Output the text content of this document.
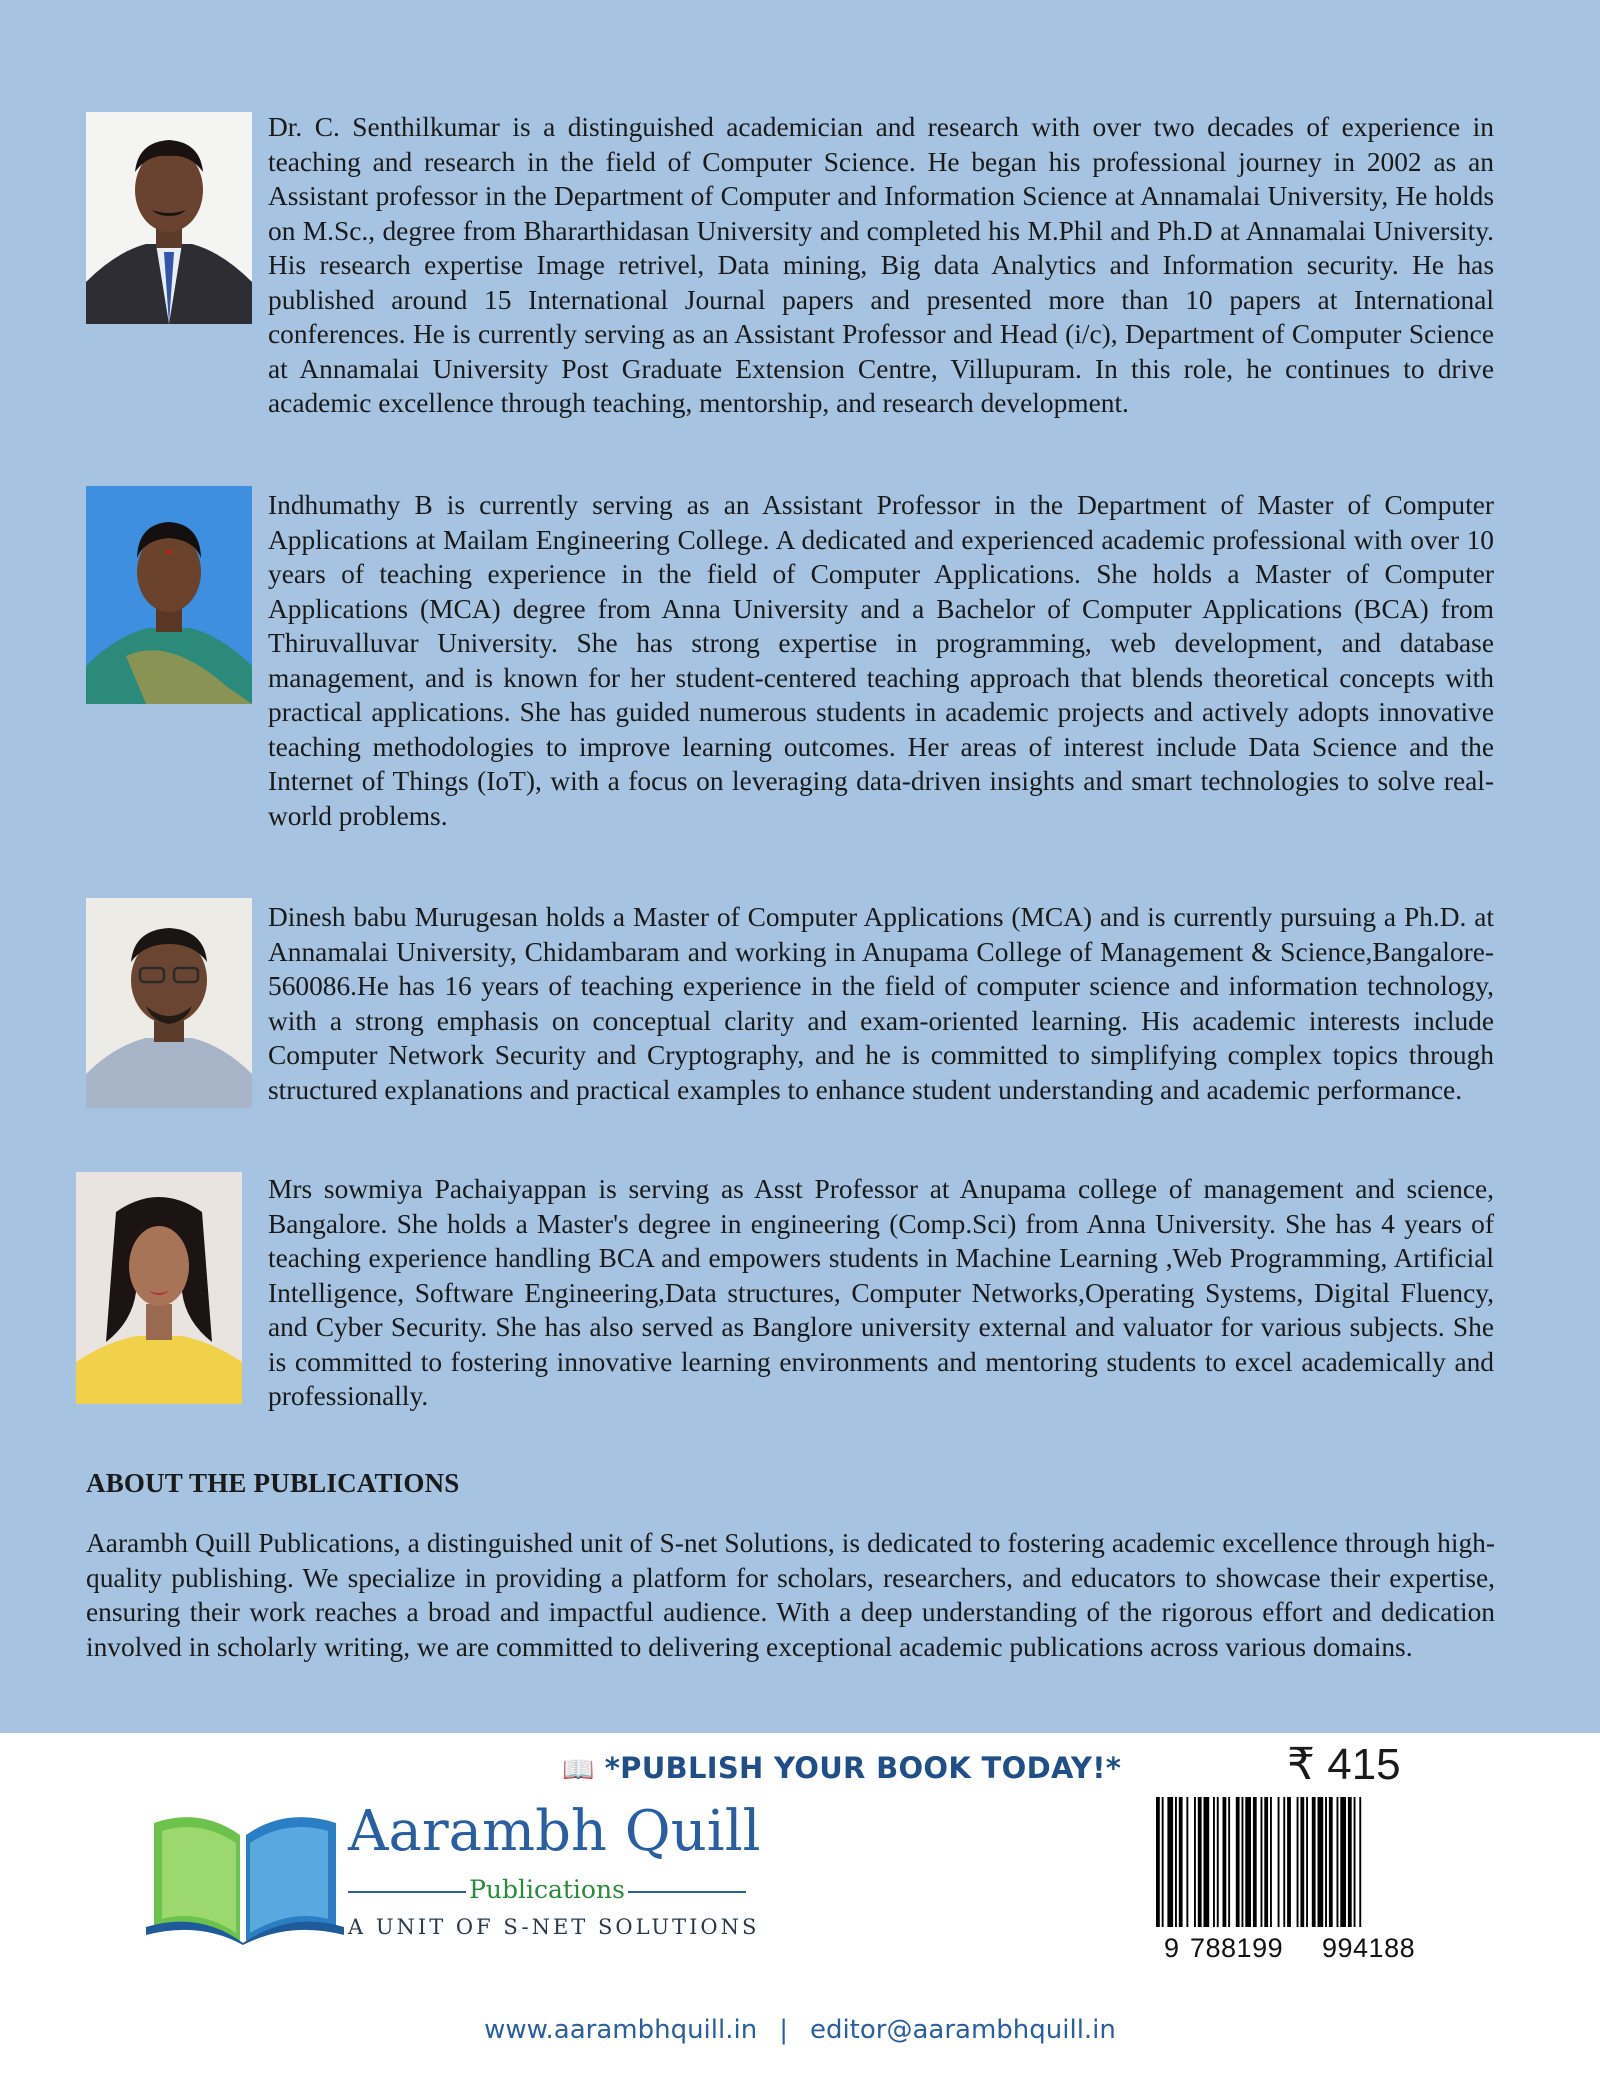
Dr. C. Senthilkumar is a distinguished academician and research with over two decades of experience in teaching and research in the field of Computer Science. He began his professional journey in 2002 as an Assistant professor in the Department of Computer and Information Science at Annamalai University, He holds on M.Sc., degree from Bhararthidasan University and completed his M.Phil and Ph.D at Annamalai University. His research expertise Image retrivel, Data mining, Big data Analytics and Information security. He has published around 15 International Journal papers and presented more than 10 papers at International conferences. He is currently serving as an Assistant Professor and Head (i/c), Department of Computer Science at Annamalai University Post Graduate Extension Centre, Villupuram. In this role, he continues to drive academic excellence through teaching, mentorship, and research development.

Indhumathy B is currently serving as an Assistant Professor in the Department of Master of Computer Applications at Mailam Engineering College. A dedicated and experienced academic professional with over 10 years of teaching experience in the field of Computer Applications. She holds a Master of Computer Applications (MCA) degree from Anna University and a Bachelor of Computer Applications (BCA) from Thiruvalluvar University. She has strong expertise in programming, web development, and database management, and is known for her student-centered teaching approach that blends theoretical concepts with practical applications. She has guided numerous students in academic projects and actively adopts innovative teaching methodologies to improve learning outcomes. Her areas of interest include Data Science and the Internet of Things (IoT), with a focus on leveraging data-driven insights and smart technologies to solve real-world problems.

Dinesh babu Murugesan holds a Master of Computer Applications (MCA) and is currently pursuing a Ph.D. at Annamalai University, Chidambaram and working in Anupama College of Management & Science,Bangalore-560086.He has 16 years of teaching experience in the field of computer science and information technology, with a strong emphasis on conceptual clarity and exam-oriented learning. His academic interests include Computer Network Security and Cryptography, and he is committed to simplifying complex topics through structured explanations and practical examples to enhance student understanding and academic performance.

Mrs sowmiya Pachaiyappan is serving as Asst Professor at Anupama college of management and science, Bangalore. She holds a Master's degree in engineering (Comp.Sci) from Anna University. She has 4 years of teaching experience handling BCA and empowers students in Machine Learning ,Web Programming, Artificial Intelligence, Software Engineering,Data structures, Computer Networks,Operating Systems, Digital Fluency, and Cyber Security. She has also served as Banglore university external and valuator for various subjects. She is committed to fostering innovative learning environments and mentoring students to excel academically and professionally.

ABOUT THE PUBLICATIONS

Aarambh Quill Publications, a distinguished unit of S-net Solutions, is dedicated to fostering academic excellence through high-quality publishing. We specialize in providing a platform for scholars, researchers, and educators to showcase their expertise, ensuring their work reaches a broad and impactful audience. With a deep understanding of the rigorous effort and dedication involved in scholarly writing, we are committed to delivering exceptional academic publications across various domains.

📖 *PUBLISH YOUR BOOK TODAY!*	₹ 415
9 788199 994188
Aarambh Quill
Publications
A UNIT OF S-NET SOLUTIONS
www.aarambhquill.in | editor@aarambhquill.in
